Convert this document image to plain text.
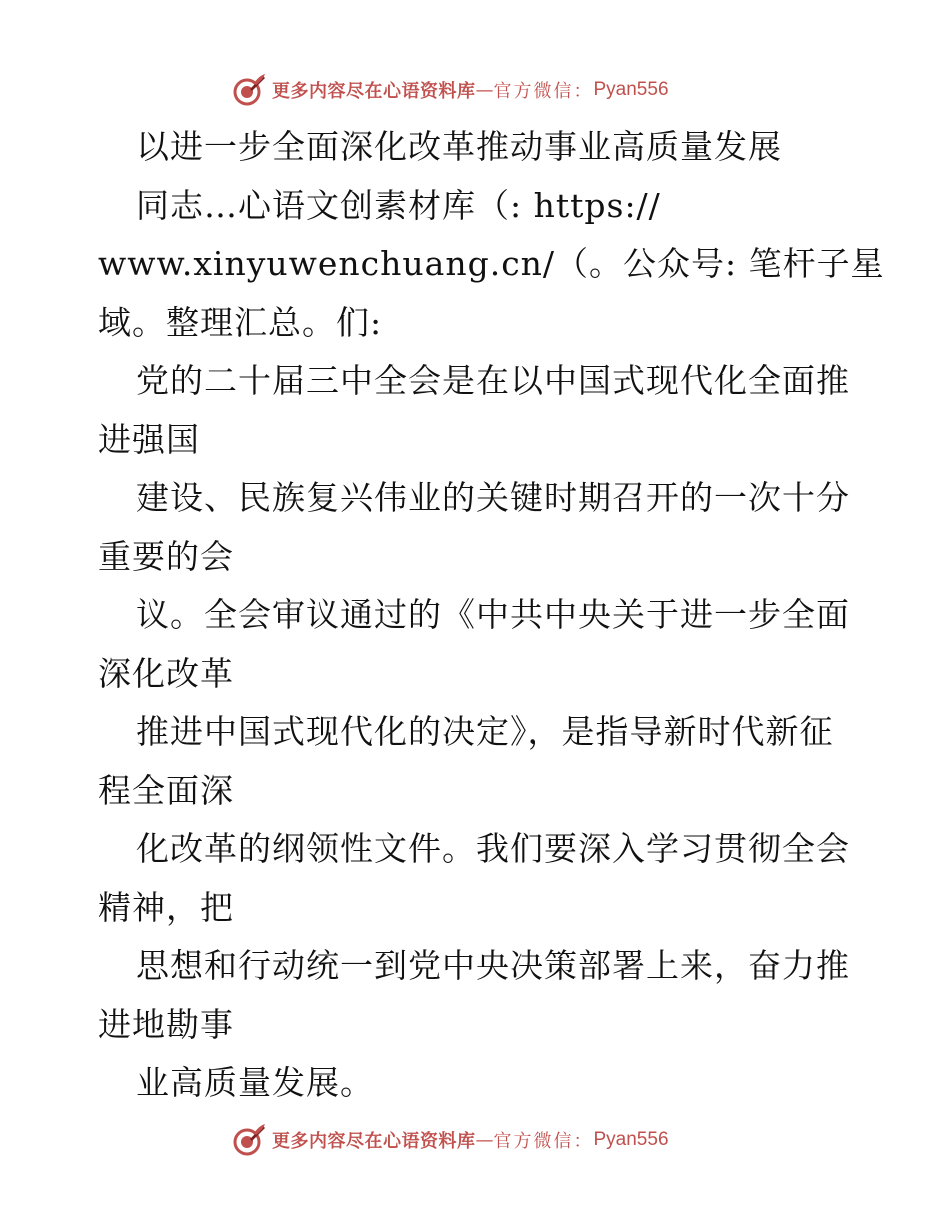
更多内容尽在心语资料库 — 官方微信： Pyan556
以进一步全面深化改革推动事业高质量发展
同志…心语文创素材库（: https://
www.xinyuwenchuang.cn/（。公众号: 笔杆子星
域。整理汇总。们:
党的二十届三中全会是在以中国式现代化全面推
进强国
建设、民族复兴伟业的关键时期召开的一次十分
重要的会
议。全会审议通过的《中共中央关于进一步全面
深化改革
推进中国式现代化的决定》，是指导新时代新征
程全面深
化改革的纲领性文件。我们要深入学习贯彻全会
精神，把
思想和行动统一到党中央决策部署上来，奋力推
进地勘事
业高质量发展。
更多内容尽在心语资料库 — 官方微信： Pyan556
